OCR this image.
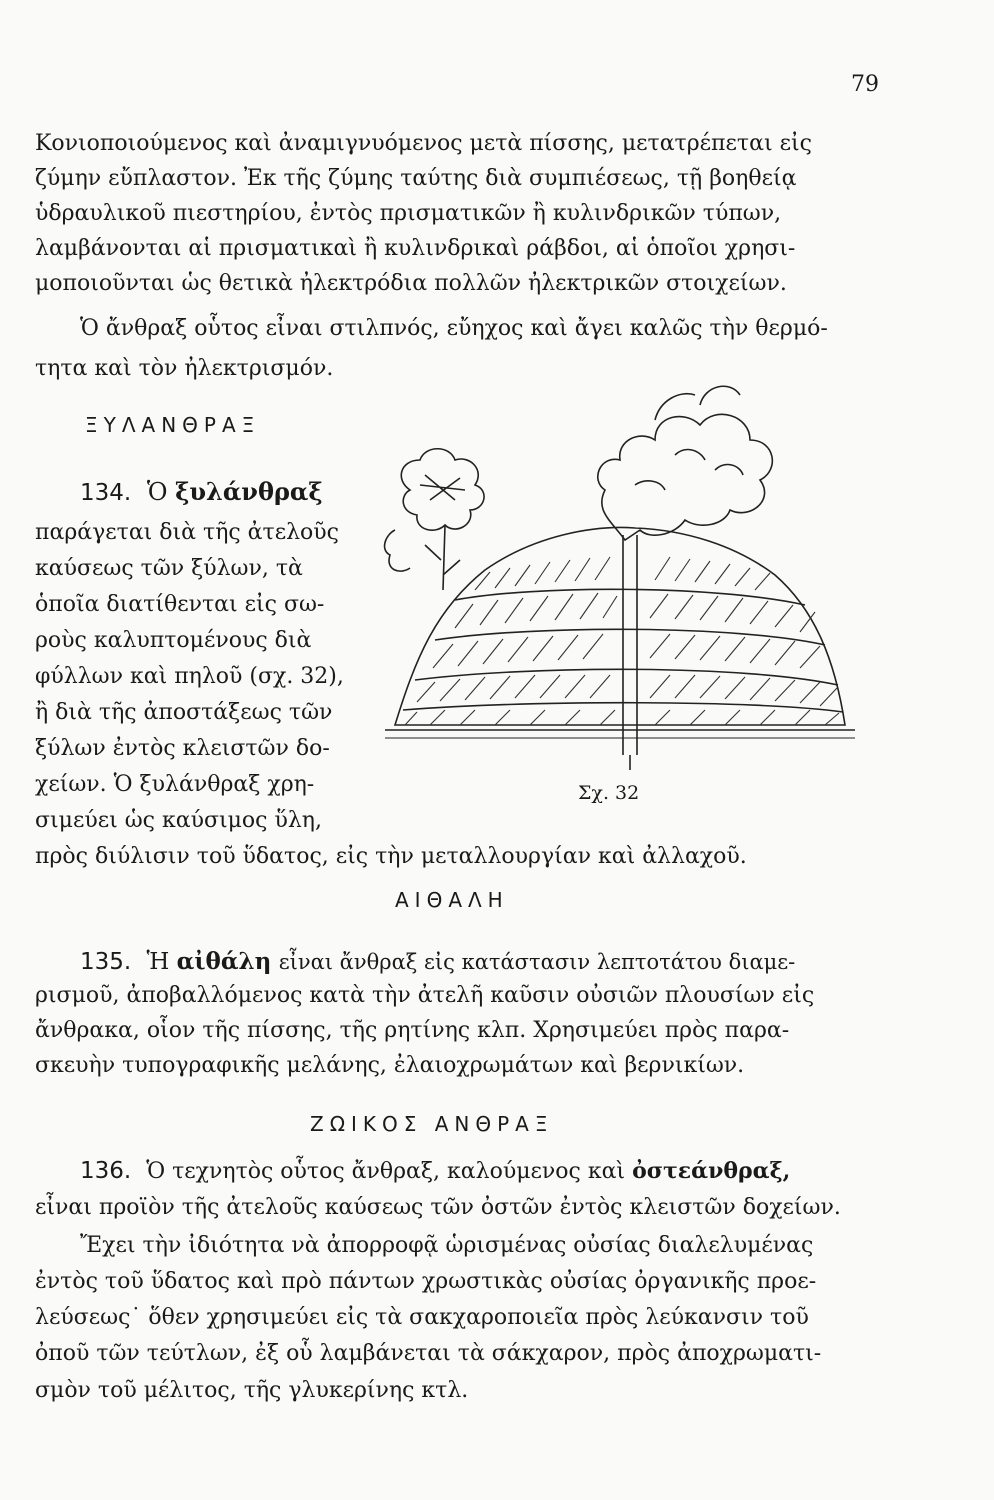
79
Κονιοποιούμενος καὶ ἀναμιγνυόμενος μετὰ πίσσης, μετατρέπεται εἰς
ζύμην εὔπλαστον. Ἐκ τῆς ζύμης ταύτης διὰ συμπιέσεως, τῇ βοηθείᾳ
ὑδραυλικοῦ πιεστηρίου, ἐντὸς πρισματικῶν ἢ κυλινδρικῶν τύπων,
λαμβάνονται αἱ πρισματικαὶ ἢ κυλινδρικαὶ ράβδοι, αἱ ὁποῖοι χρησι-
μοποιοῦνται ὡς θετικὰ ἠλεκτρόδια πολλῶν ἠλεκτρικῶν στοιχείων.
Ὁ ἄνθραξ οὗτος εἶναι στιλπνός, εὔηχος καὶ ἄγει καλῶς τὴν θερμό-
τητα καὶ τὸν ἠλεκτρισμόν.
ΞΥΛΑΝΘΡΑΞ
134. Ὁ ξυλάνθραξ
παράγεται διὰ τῆς ἀτελοῦς
καύσεως τῶν ξύλων, τὰ
ὁποῖα διατίθενται εἰς σω-
ροὺς καλυπτομένους διὰ
φύλλων καὶ πηλοῦ (σχ. 32),
ἢ διὰ τῆς ἀποστάξεως τῶν
ξύλων ἐντὸς κλειστῶν δο-
χείων. Ὁ ξυλάνθραξ χρη-
σιμεύει ὡς καύσιμος ὕλη,
πρὸς διύλισιν τοῦ ὕδατος, εἰς τὴν μεταλλουργίαν καὶ ἀλλαχοῦ.
Σχ. 32
ΑΙΘΑΛΗ
135. Ἡ αἰθάλη εἶναι ἄνθραξ εἰς κατάστασιν λεπτοτάτου διαμε-
ρισμοῦ, ἀποβαλλόμενος κατὰ τὴν ἀτελῆ καῦσιν οὐσιῶν πλουσίων εἰς
ἄνθρακα, οἷον τῆς πίσσης, τῆς ρητίνης κλπ. Χρησιμεύει πρὸς παρα-
σκευὴν τυπογραφικῆς μελάνης, ἐλαιοχρωμάτων καὶ βερνικίων.
ΖΩΙΚΟΣ ΑΝΘΡΑΞ
136. Ὁ τεχνητὸς οὗτος ἄνθραξ, καλούμενος καὶ ὀστεάνθραξ,
εἶναι προϊὸν τῆς ἀτελοῦς καύσεως τῶν ὀστῶν ἐντὸς κλειστῶν δοχείων.
Ἔχει τὴν ἰδιότητα νὰ ἀπορροφᾷ ὡρισμένας οὐσίας διαλελυμένας
ἐντὸς τοῦ ὕδατος καὶ πρὸ πάντων χρωστικὰς οὐσίας ὀργανικῆς προε-
λεύσεως˙ ὅθεν χρησιμεύει εἰς τὰ σακχαροποιεῖα πρὸς λεύκανσιν τοῦ
ὀποῦ τῶν τεύτλων, ἐξ οὗ λαμβάνεται τὰ σάκχαρον, πρὸς ἀποχρωματι-
σμὸν τοῦ μέλιτος, τῆς γλυκερίνης κτλ.
